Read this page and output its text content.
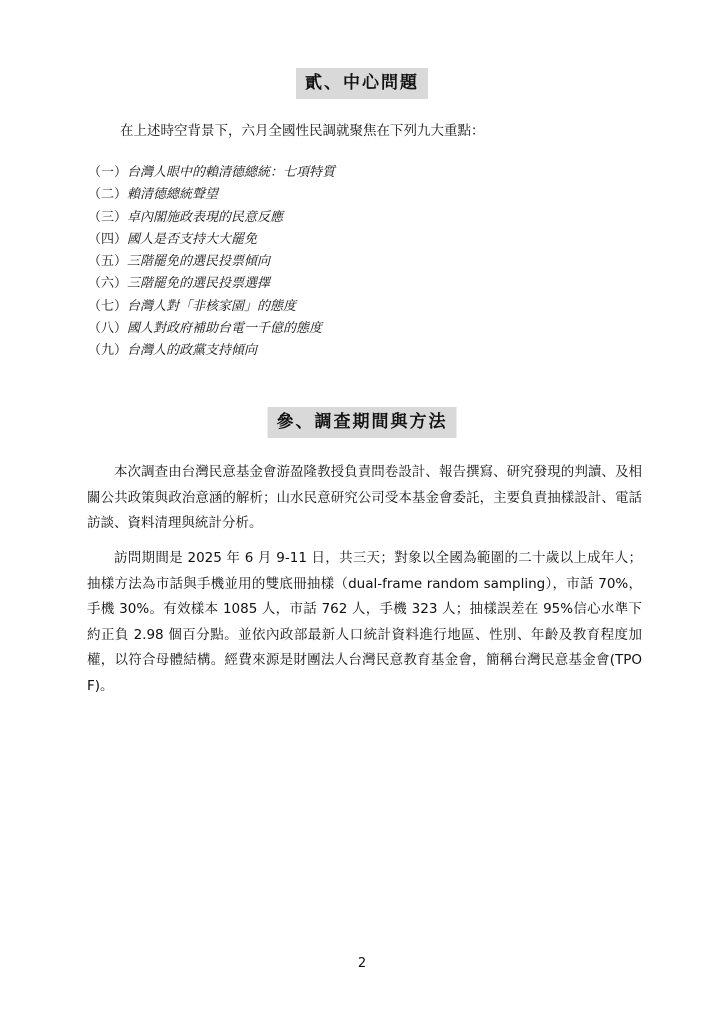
貳、中心問題
在上述時空背景下，六月全國性民調就聚焦在下列九大重點：
（一）台灣人眼中的賴清德總統：七項特質
（二）賴清德總統聲望
（三）卓內閣施政表現的民意反應
（四）國人是否支持大大罷免
（五）三階罷免的選民投票傾向
（六）三階罷免的選民投票選擇
（七）台灣人對「非核家園」的態度
（八）國人對政府補助台電一千億的態度
（九）台灣人的政黨支持傾向
參、調查期間與方法

本次調查由台灣民意基金會游盈隆教授負責問卷設計、報告撰寫、研究發現的判讀、及相關公共政策與政治意涵的解析；山水民意研究公司受本基金會委託，主要負責抽樣設計、電話訪談、資料清理與統計分析。

訪問期間是 2025 年 6 月 9-11 日，共三天；對象以全國為範圍的二十歲以上成年人；抽樣方法為市話與手機並用的雙底冊抽樣（dual-frame random sampling），市話 70%，手機 30%。有效樣本 1085 人，市話 762 人，手機 323 人；抽樣誤差在 95%信心水準下約正負 2.98 個百分點。並依內政部最新人口統計資料進行地區、性別、年齡及教育程度加權，以符合母體結構。經費來源是財團法人台灣民意教育基金會，簡稱台灣民意基金會(TPOF)。

2
